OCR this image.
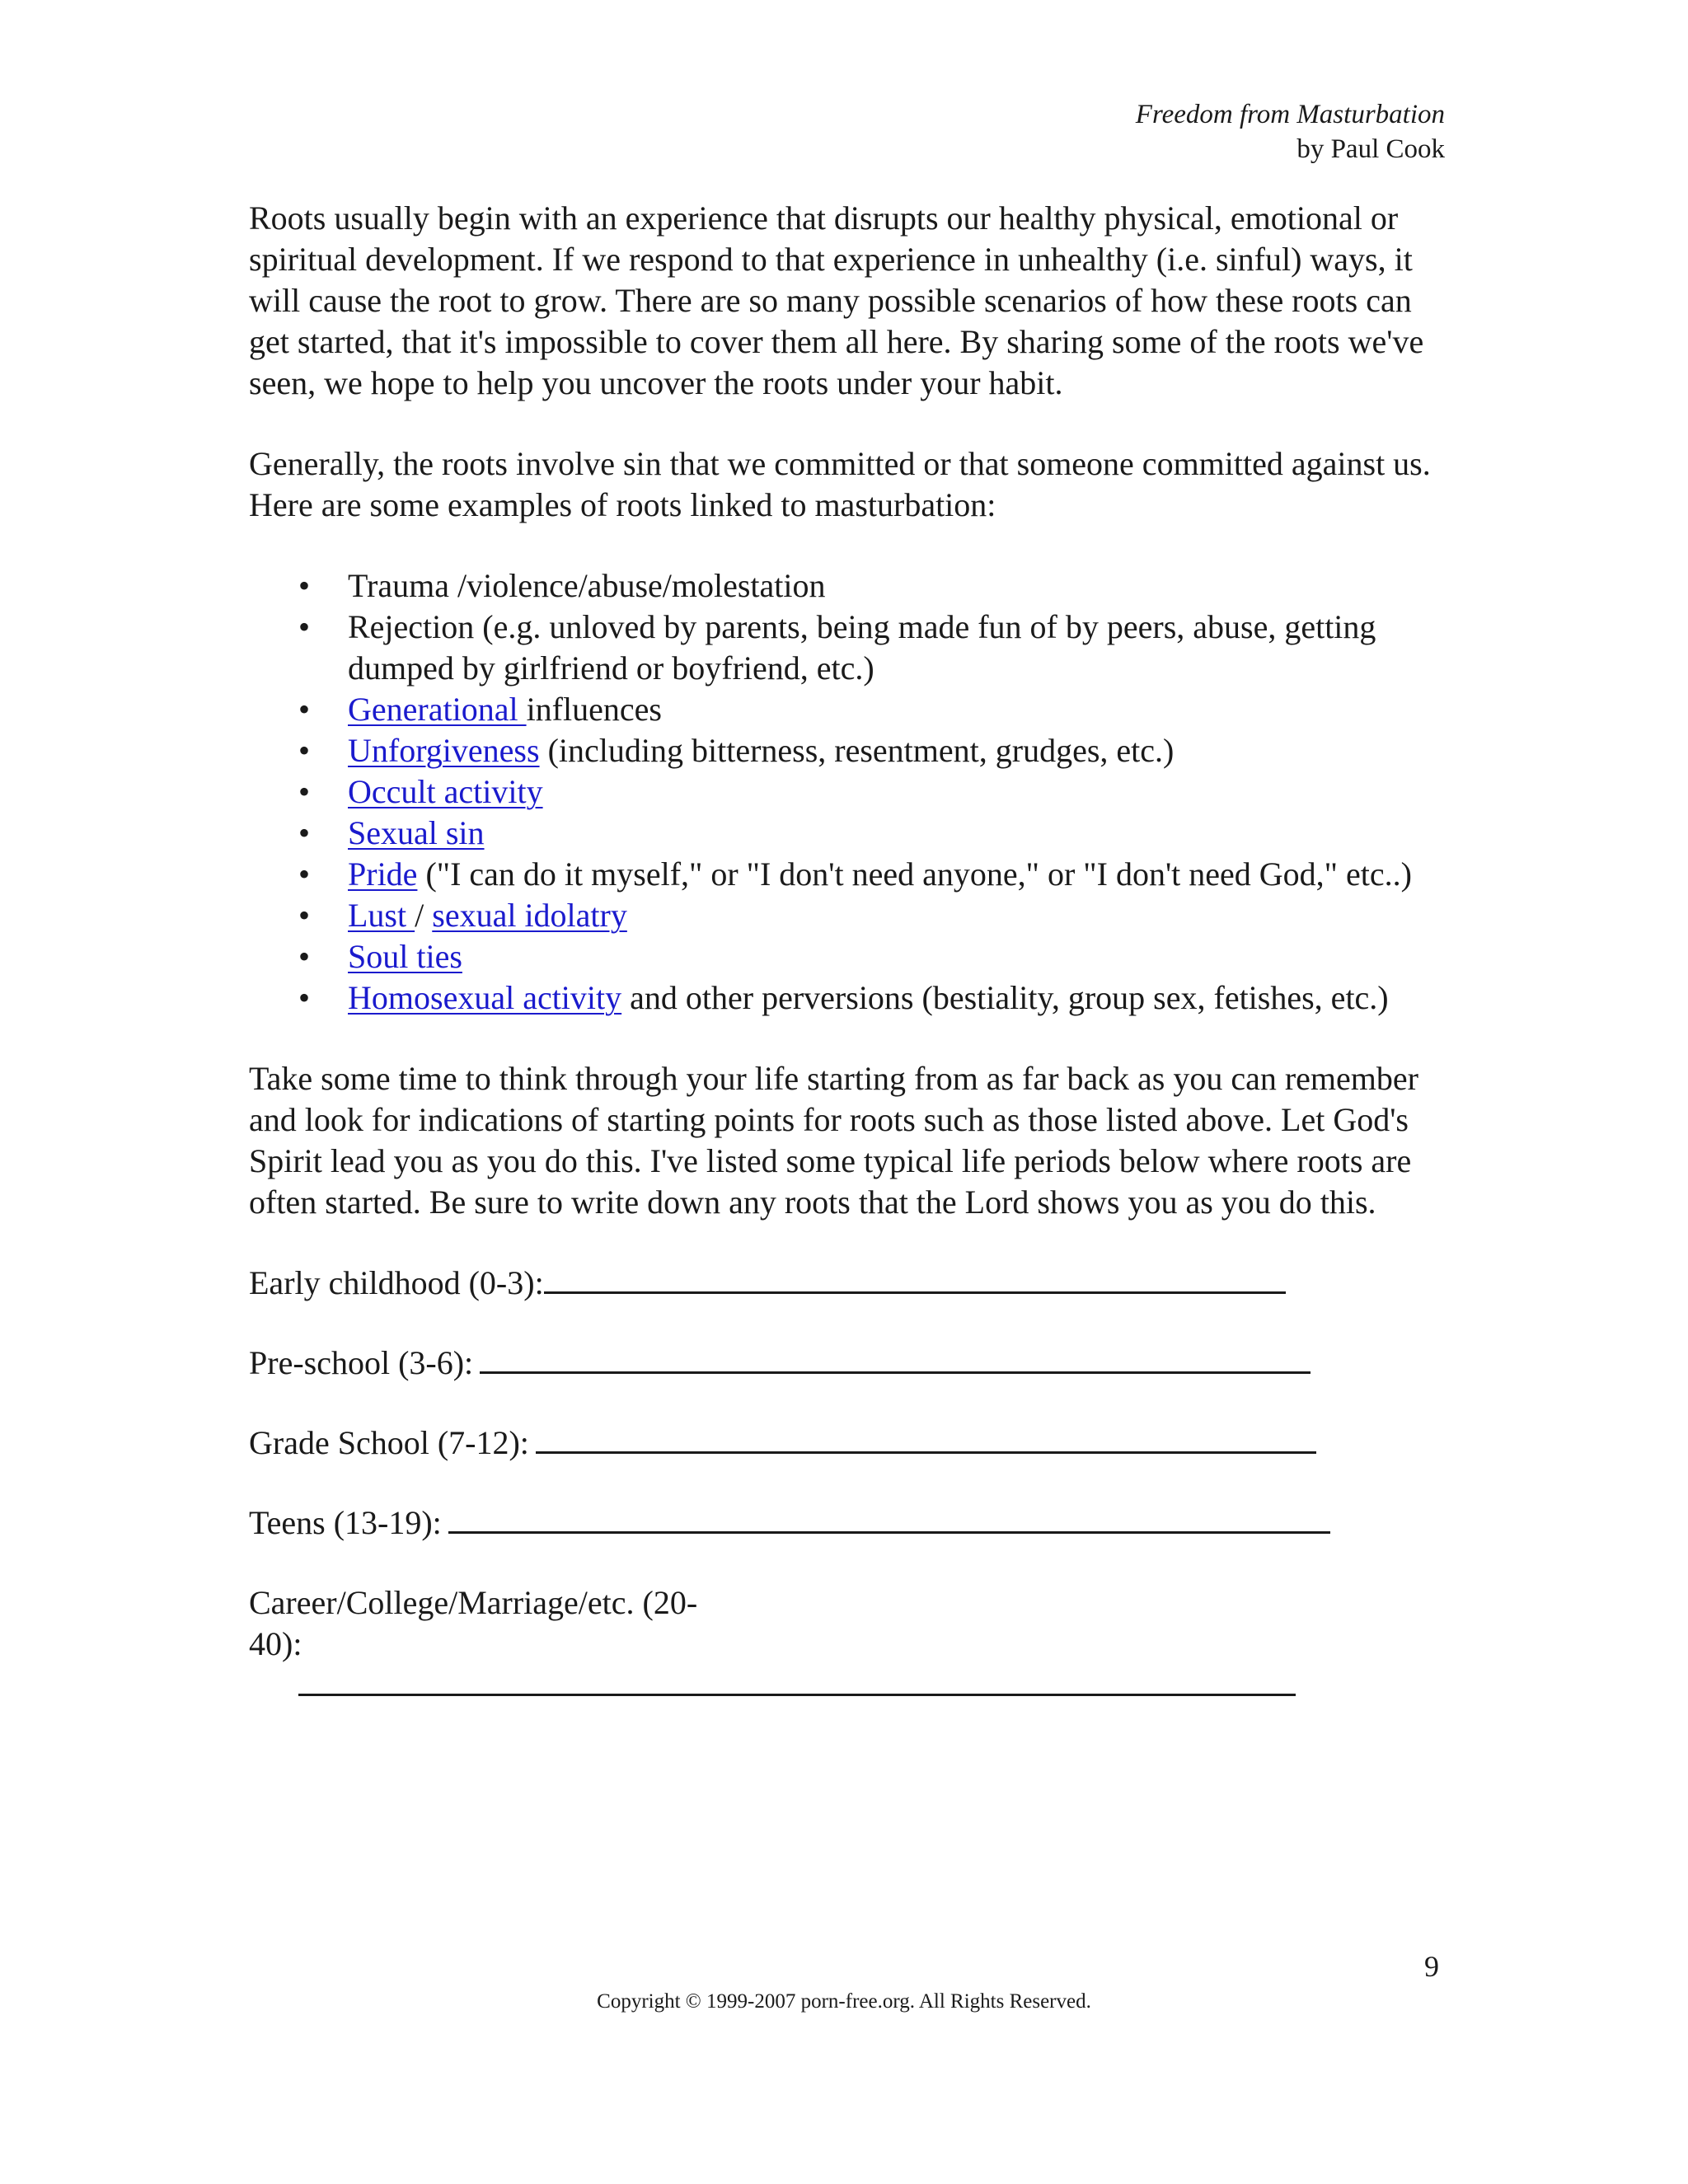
Freedom from Masturbation
by Paul Cook

Roots usually begin with an experience that disrupts our healthy physical, emotional or spiritual development. If we respond to that experience in unhealthy (i.e. sinful) ways, it will cause the root to grow. There are so many possible scenarios of how these roots can get started, that it's impossible to cover them all here. By sharing some of the roots we've seen, we hope to help you uncover the roots under your habit.

Generally, the roots involve sin that we committed or that someone committed against us. Here are some examples of roots linked to masturbation:

• Trauma /violence/abuse/molestation
• Rejection (e.g. unloved by parents, being made fun of by peers, abuse, getting dumped by girlfriend or boyfriend, etc.)
• Generational influences
• Unforgiveness (including bitterness, resentment, grudges, etc.)
• Occult activity
• Sexual sin
• Pride ("I can do it myself," or "I don't need anyone," or "I don't need God," etc..)
• Lust / sexual idolatry
• Soul ties
• Homosexual activity and other perversions (bestiality, group sex, fetishes, etc.)

Take some time to think through your life starting from as far back as you can remember and look for indications of starting points for roots such as those listed above. Let God's Spirit lead you as you do this. I've listed some typical life periods below where roots are often started. Be sure to write down any roots that the Lord shows you as you do this.

Early childhood (0-3):
Pre-school (3-6):
Grade School (7-12):
Teens (13-19):
Career/College/Marriage/etc. (20-
40):
9
Copyright © 1999-2007 porn-free.org. All Rights Reserved.
